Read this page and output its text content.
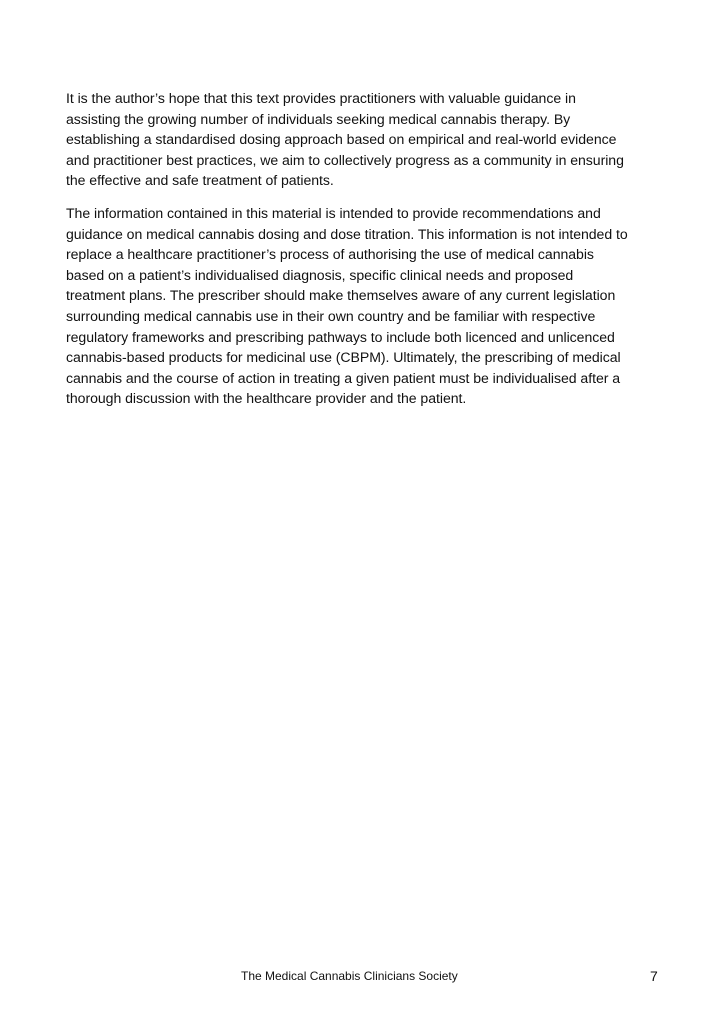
It is the author’s hope that this text provides practitioners with valuable guidance in
assisting the growing number of individuals seeking medical cannabis therapy. By
establishing a standardised dosing approach based on empirical and real-world evidence
and practitioner best practices, we aim to collectively progress as a community in ensuring
the effective and safe treatment of patients.

The information contained in this material is intended to provide recommendations and
guidance on medical cannabis dosing and dose titration. This information is not intended to
replace a healthcare practitioner’s process of authorising the use of medical cannabis
based on a patient’s individualised diagnosis, specific clinical needs and proposed
treatment plans. The prescriber should make themselves aware of any current legislation
surrounding medical cannabis use in their own country and be familiar with respective
regulatory frameworks and prescribing pathways to include both licenced and unlicenced
cannabis-based products for medicinal use (CBPM). Ultimately, the prescribing of medical
cannabis and the course of action in treating a given patient must be individualised after a
thorough discussion with the healthcare provider and the patient.

The Medical Cannabis Clinicians Society	7
